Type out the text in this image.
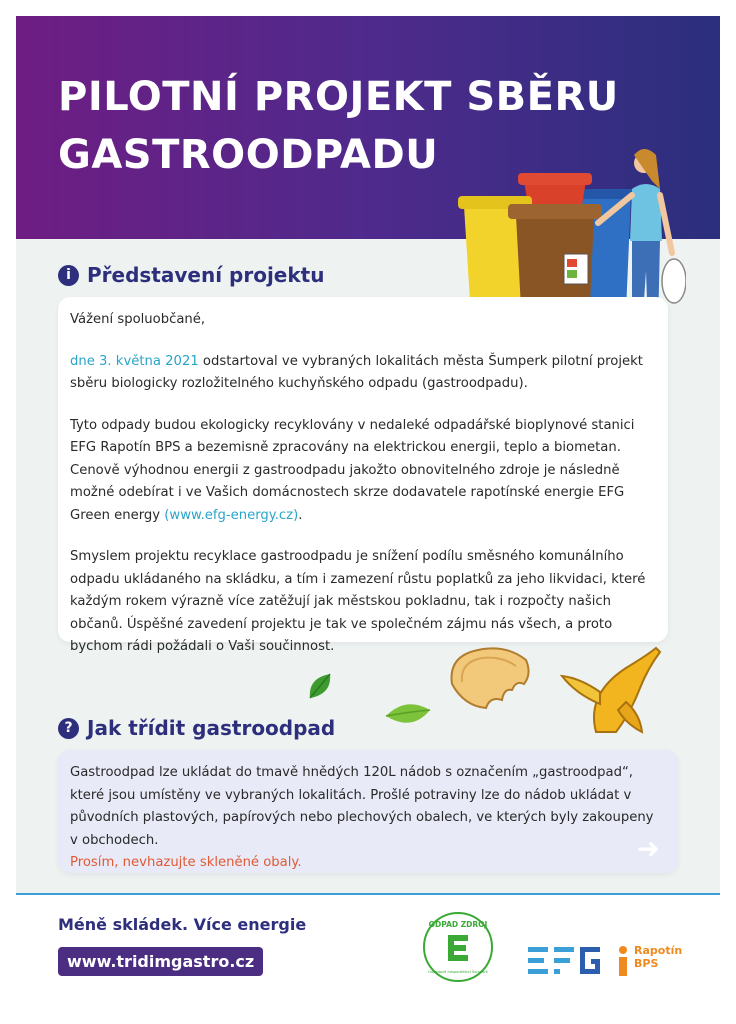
PILOTNÍ PROJEKT SBĚRU GASTROODPADU
i Představení projektu

Vážení spoluobčané,

dne 3. května 2021 odstartoval ve vybraných lokalitách města Šumperk pilotní projekt sběru biologicky rozložitelného kuchyňského odpadu (gastroodpadu).

Tyto odpady budou ekologicky recyklovány v nedaleké odpadářské bioplynové stanici EFG Rapotín BPS a bezemisně zpracovány na elektrickou energii, teplo a biometan. Cenově výhodnou energii z gastroodpadu jakožto obnovitelného zdroje je následně možné odebírat i ve Vašich domácnostech skrze dodavatele rapotínské energie EFG Green energy (www.efg-energy.cz).

Smyslem projektu recyklace gastroodpadu je snížení podílu směsného komunálního odpadu ukládaného na skládku, a tím i zamezení růstu poplatků za jeho likvidaci, které každým rokem výrazně více zatěžují jak městskou pokladnu, tak i rozpočty našich občanů. Úspěšné zavedení projektu je tak ve společném zájmu nás všech, a proto bychom rádi požádali o Vaši součinnost.

? Jak třídit gastroodpad
Gastroodpad lze ukládat do tmavě hnědých 120L nádob s označením „gastroodpad“, které jsou umístěny ve vybraných lokalitách. Prošlé potraviny lze do nádob ukládat v původních plastových, papírových nebo plechových obalech, ve kterých byly zakoupeny v obchodech.
Prosím, nevhazujte skleněné obaly.	➜
Méně skládek. Více energie
www.tridimgastro.cz
ODPAD ZDROJ
Odpadové hospodářství Šumperk
Rapotín
BPS
